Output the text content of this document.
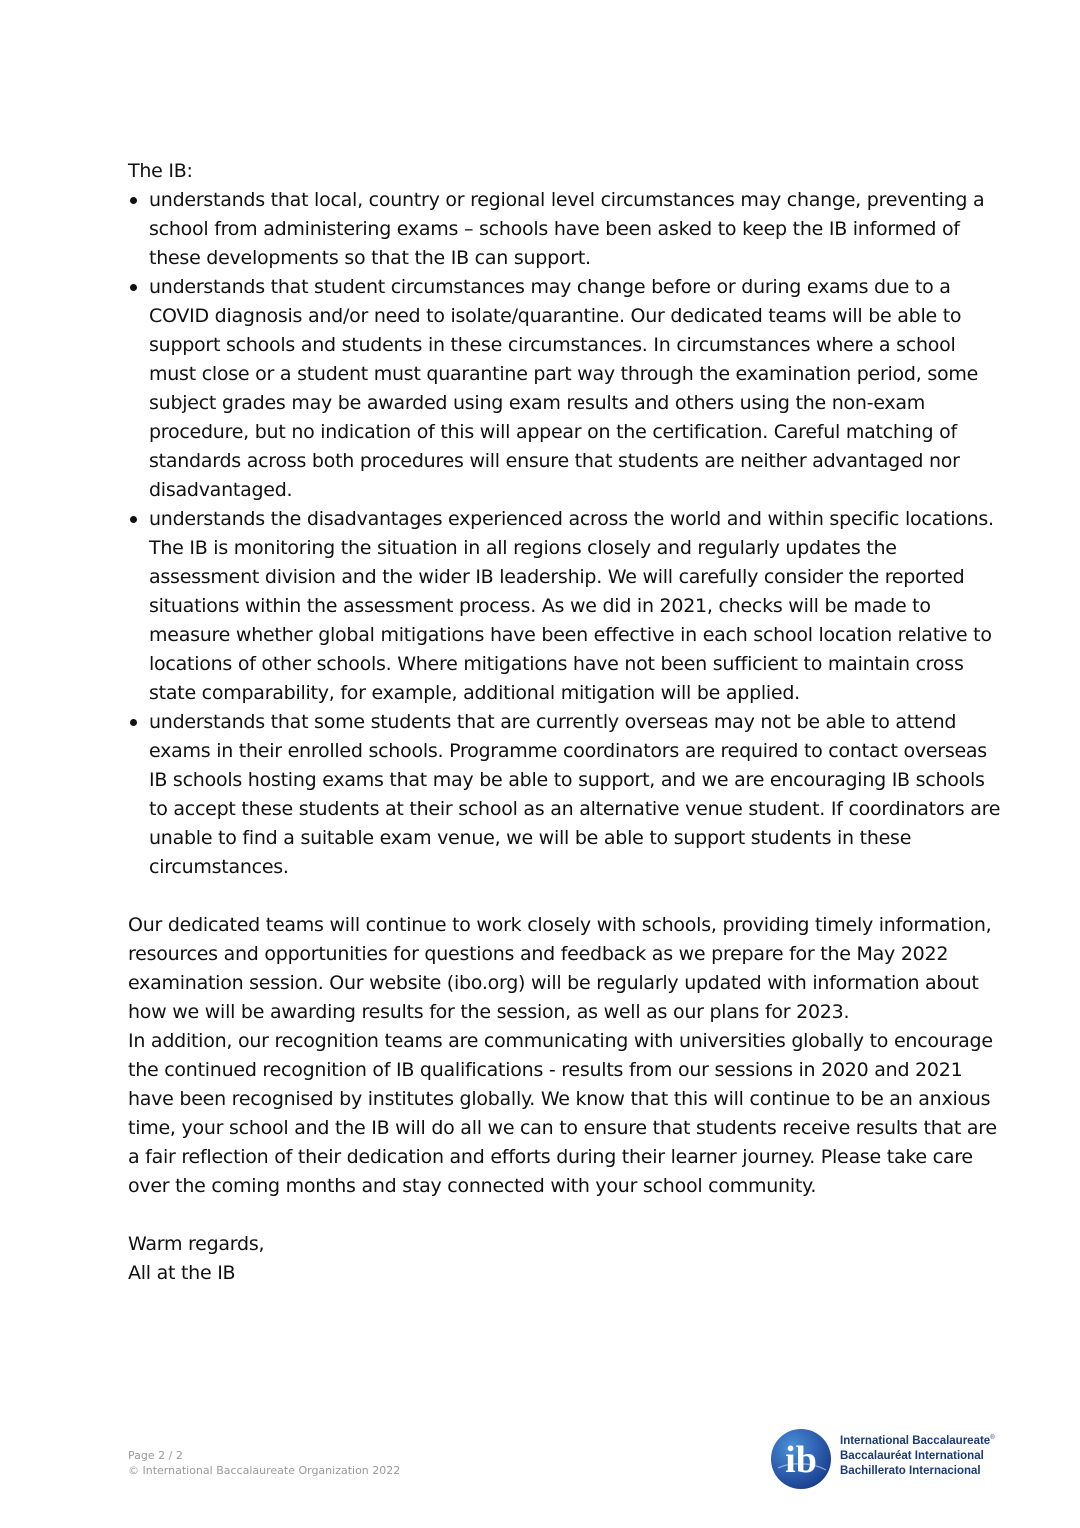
The IB:

understands that local, country or regional level circumstances may change, preventing a school from administering exams – schools have been asked to keep the IB informed of these developments so that the IB can support.
understands that student circumstances may change before or during exams due to a COVID diagnosis and/or need to isolate/quarantine. Our dedicated teams will be able to support schools and students in these circumstances. In circumstances where a school must close or a student must quarantine part way through the examination period, some subject grades may be awarded using exam results and others using the non-exam procedure, but no indication of this will appear on the certification. Careful matching of standards across both procedures will ensure that students are neither advantaged nor disadvantaged.
understands the disadvantages experienced across the world and within specific locations. The IB is monitoring the situation in all regions closely and regularly updates the assessment division and the wider IB leadership. We will carefully consider the reported situations within the assessment process. As we did in 2021, checks will be made to measure whether global mitigations have been effective in each school location relative to locations of other schools. Where mitigations have not been sufficient to maintain cross state comparability, for example, additional mitigation will be applied.
understands that some students that are currently overseas may not be able to attend exams in their enrolled schools. Programme coordinators are required to contact overseas IB schools hosting exams that may be able to support, and we are encouraging IB schools to accept these students at their school as an alternative venue student. If coordinators are unable to find a suitable exam venue, we will be able to support students in these circumstances.

Our dedicated teams will continue to work closely with schools, providing timely information, resources and opportunities for questions and feedback as we prepare for the May 2022 examination session. Our website (ibo.org) will be regularly updated with information about how we will be awarding results for the session, as well as our plans for 2023.

In addition, our recognition teams are communicating with universities globally to encourage the continued recognition of IB qualifications - results from our sessions in 2020 and 2021 have been recognised by institutes globally. We know that this will continue to be an anxious time, your school and the IB will do all we can to ensure that students receive results that are a fair reflection of their dedication and efforts during their learner journey. Please take care over the coming months and stay connected with your school community.

Warm regards,

All at the IB

Page 2 / 2
© International Baccalaureate Organization 2022	ib International Baccalaureate®
Baccalauréat International
Bachillerato Internacional
